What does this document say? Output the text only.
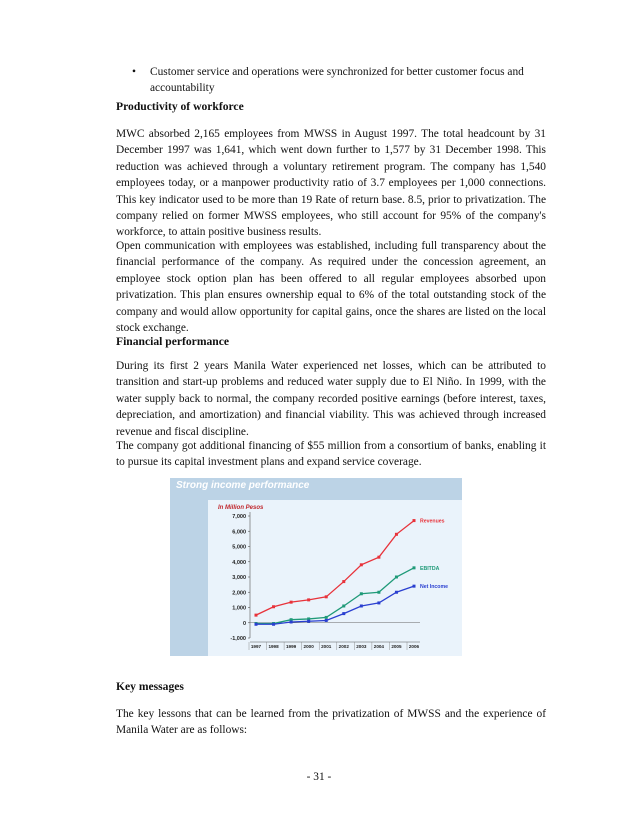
• Customer service and operations were synchronized for better customer focus and accountability

Productivity of workforce

MWC absorbed 2,165 employees from MWSS in August 1997. The total headcount by 31 December 1997 was 1,641, which went down further to 1,577 by 31 December 1998. This reduction was achieved through a voluntary retirement program. The company has 1,540 employees today, or a manpower productivity ratio of 3.7 employees per 1,000 connections. This key indicator used to be more than 19 Rate of return base. 8.5, prior to privatization. The company relied on former MWSS employees, who still account for 95% of the company's workforce, to attain positive business results.

Open communication with employees was established, including full transparency about the financial performance of the company. As required under the concession agreement, an employee stock option plan has been offered to all regular employees absorbed upon privatization. This plan ensures ownership equal to 6% of the total outstanding stock of the company and would allow opportunity for capital gains, once the shares are listed on the local stock exchange.

Financial performance

During its first 2 years Manila Water experienced net losses, which can be attributed to transition and start-up problems and reduced water supply due to El Niño. In 1999, with the water supply back to normal, the company recorded positive earnings (before interest, taxes, depreciation, and amortization) and financial viability. This was achieved through increased revenue and fiscal discipline.

The company got additional financing of $55 million from a consortium of banks, enabling it to pursue its capital investment plans and expand service coverage.

Strong income performance
In Million Pesos
-1,000
0
1,000
2,000
3,000
4,000
5,000
6,000
7,000
1997 1998 1999 2000 2001 2002 2003 2004 2005 2006
Revenues
EBITDA
Net Income

Key messages

The key lessons that can be learned from the privatization of MWSS and the experience of Manila Water are as follows:

- 31 -
